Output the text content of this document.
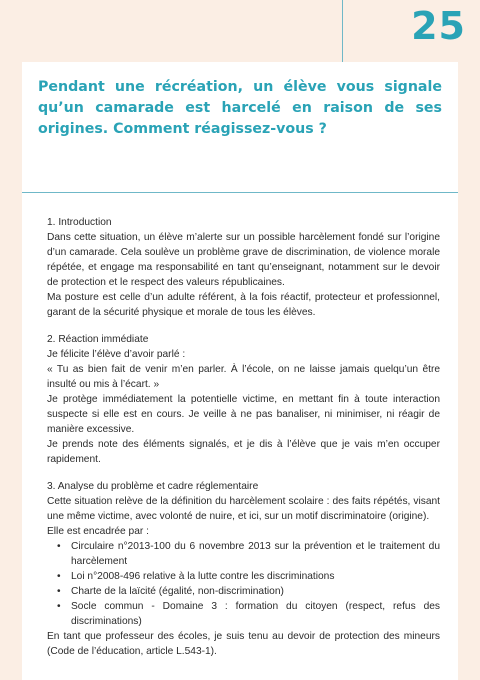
25
Pendant une récréation, un élève vous signale qu’un camarade est harcelé en raison de ses origines. Comment réagissez-vous ?

1. Introduction

Dans cette situation, un élève m’alerte sur un possible harcèlement fondé sur l’origine d’un camarade. Cela soulève un problème grave de discrimination, de violence morale répétée, et engage ma responsabilité en tant qu’enseignant, notamment sur le devoir de protection et le respect des valeurs républicaines.

Ma posture est celle d’un adulte référent, à la fois réactif, protecteur et professionnel, garant de la sécurité physique et morale de tous les élèves.

2. Réaction immédiate

Je félicite l’élève d’avoir parlé :

« Tu as bien fait de venir m’en parler. À l’école, on ne laisse jamais quelqu’un être insulté ou mis à l’écart. »

Je protège immédiatement la potentielle victime, en mettant fin à toute interaction suspecte si elle est en cours. Je veille à ne pas banaliser, ni minimiser, ni réagir de manière excessive.

Je prends note des éléments signalés, et je dis à l’élève que je vais m’en occuper rapidement.

3. Analyse du problème et cadre réglementaire

Cette situation relève de la définition du harcèlement scolaire : des faits répétés, visant une même victime, avec volonté de nuire, et ici, sur un motif discriminatoire (origine).

Elle est encadrée par :

• Circulaire n°2013-100 du 6 novembre 2013 sur la prévention et le traitement du harcèlement
• Loi n°2008-496 relative à la lutte contre les discriminations
• Charte de la laïcité (égalité, non-discrimination)
• Socle commun - Domaine 3 : formation du citoyen (respect, refus des discriminations)

En tant que professeur des écoles, je suis tenu au devoir de protection des mineurs (Code de l’éducation, article L.543-1).
